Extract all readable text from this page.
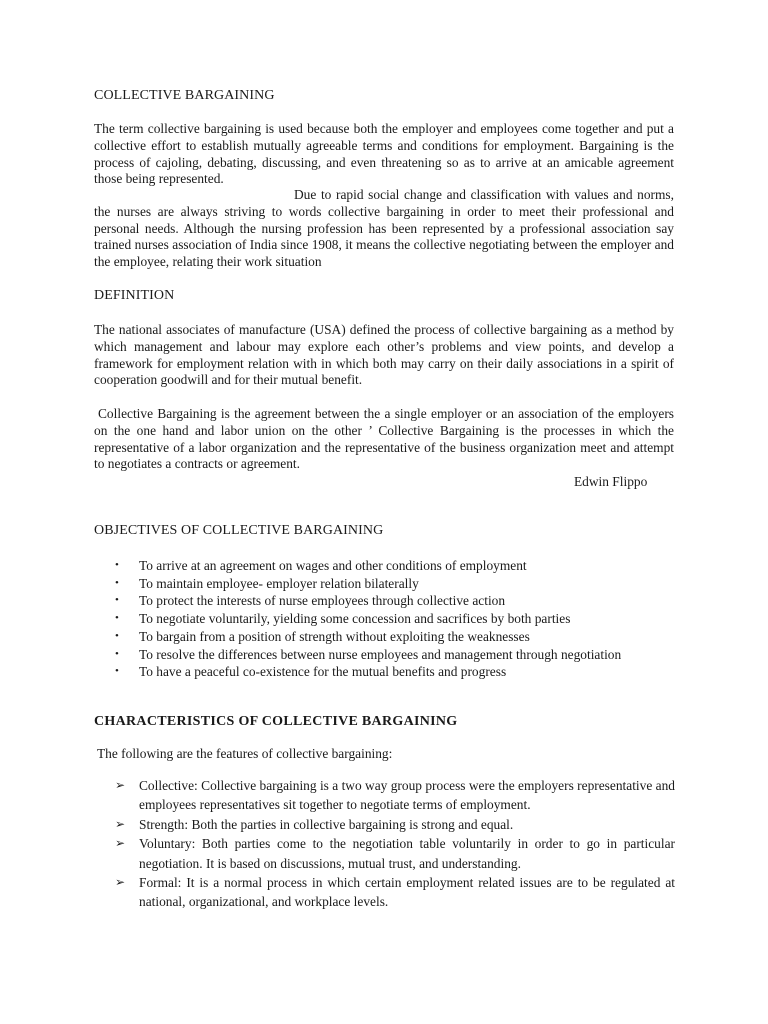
COLLECTIVE BARGAINING

The term collective bargaining is used because both the employer and employees come together and put a collective effort to establish mutually agreeable terms and conditions for employment. Bargaining is the process of cajoling, debating, discussing, and even threatening so as to arrive at an amicable agreement those being represented.

Due to rapid social change and classification with values and norms, the nurses are always striving to words collective bargaining in order to meet their professional and personal needs. Although the nursing profession has been represented by a professional association say trained nurses association of India since 1908, it means the collective negotiating between the employer and the employee, relating their work situation

DEFINITION

The national associates of manufacture (USA) defined the process of collective bargaining as a method by which management and labour may explore each other’s problems and view points, and develop a framework for employment relation with in which both may carry on their daily associations in a spirit of cooperation goodwill and for their mutual benefit.

Collective Bargaining is the agreement between the a single employer or an association of the employers on the one hand and labor union on the other ’ Collective Bargaining is the processes in which the representative of a labor organization and the representative of the business organization meet and attempt to negotiates a contracts or agreement.

Edwin Flippo

OBJECTIVES OF COLLECTIVE BARGAINING

• To arrive at an agreement on wages and other conditions of employment
• To maintain employee- employer relation bilaterally
• To protect the interests of nurse employees through collective action
• To negotiate voluntarily, yielding some concession and sacrifices by both parties
• To bargain from a position of strength without exploiting the weaknesses
• To resolve the differences between nurse employees and management through negotiation
• To have a peaceful co-existence for the mutual benefits and progress

CHARACTERISTICS OF COLLECTIVE BARGAINING

The following are the features of collective bargaining:

➢ Collective: Collective bargaining is a two way group process were the employers representative and employees representatives sit together to negotiate terms of employment.
➢ Strength: Both the parties in collective bargaining is strong and equal.
➢ Voluntary: Both parties come to the negotiation table voluntarily in order to go in particular negotiation. It is based on discussions, mutual trust, and understanding.
➢ Formal: It is a normal process in which certain employment related issues are to be regulated at national, organizational, and workplace levels.
